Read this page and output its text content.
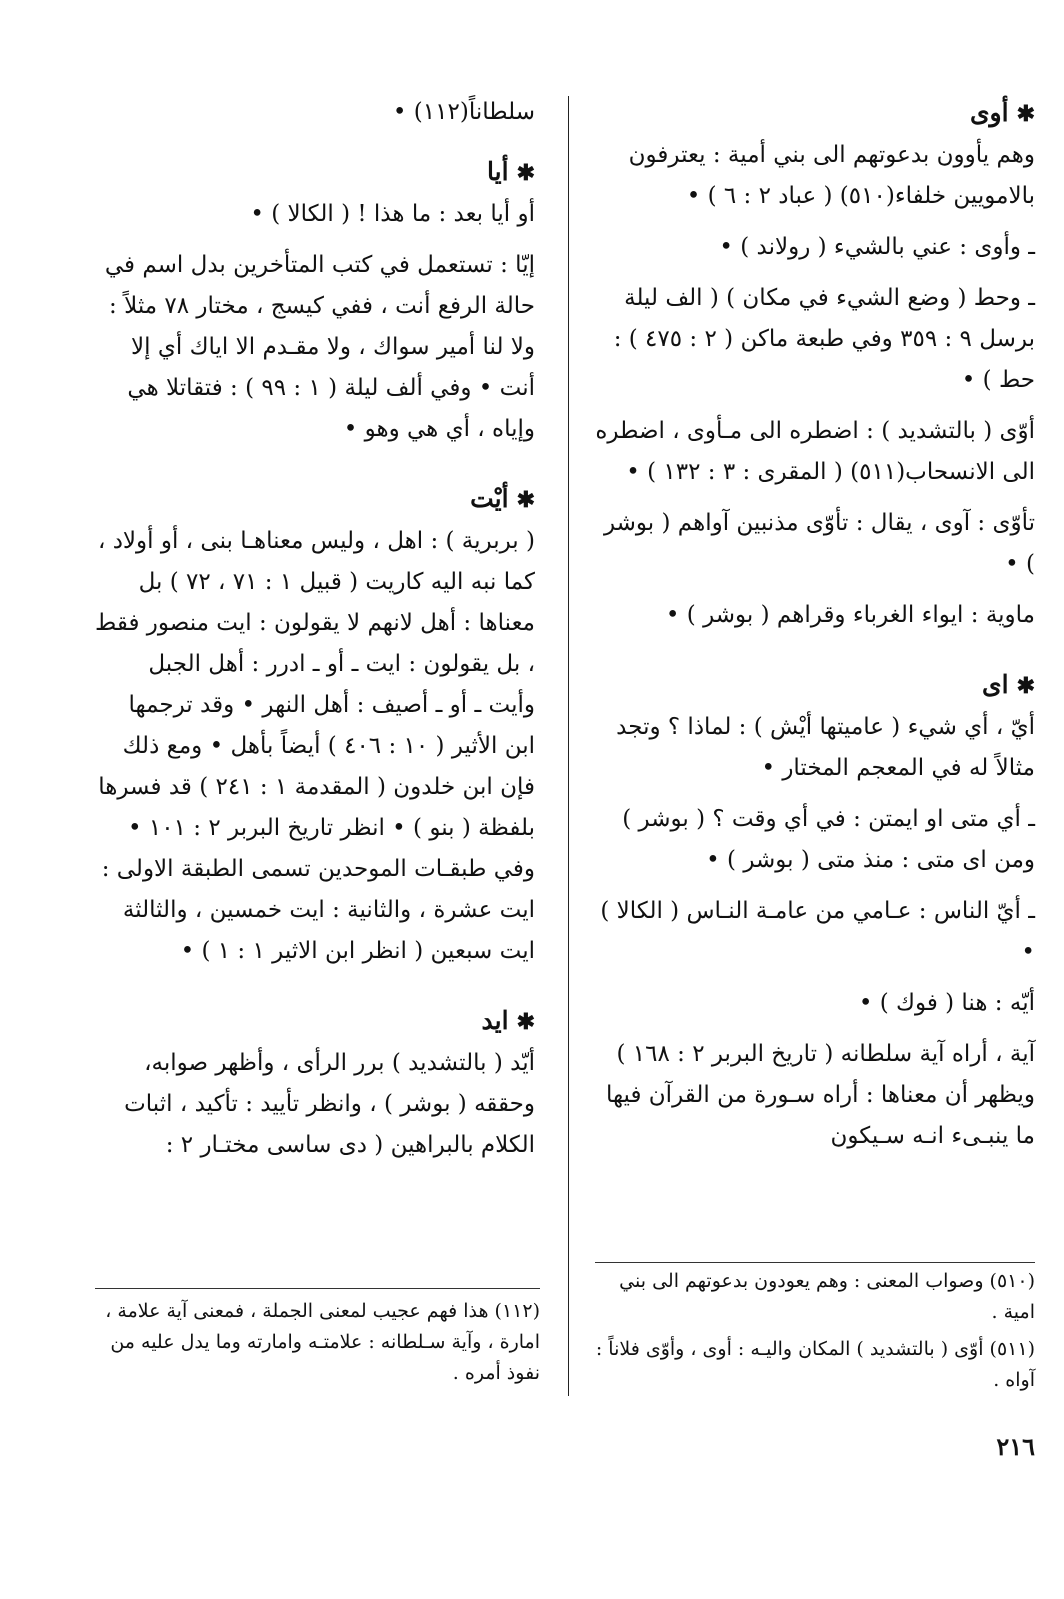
✱أوى

وهم يأوون بدعوتهم الى بني أمية : يعترفون بالامويين خلفاء(٥١٠) ( عباد ٢ : ٦ ) •

ـ وأوى : عني بالشيء ( رولاند ) •

ـ وحط ( وضع الشيء في مكان ) ( الف ليلة برسل ٩ : ٣٥٩ وفي طبعة ماكن ( ٢ : ٤٧٥ ) : حط ) •

أوّى ( بالتشديد ) : اضطره الى مـأوى ، اضطره الى الانسحاب(٥١١) ( المقرى : ٣ : ١٣٢ ) •

تأوّى : آوى ، يقال : تأوّى مذنبين آواهم ( بوشر ) •

ماوية : ايواء الغرباء وقراهم ( بوشر ) •

✱اى

أيّ ، أي شيء ( عاميتها أيْش ) : لماذا ؟ وتجد مثالاً له في المعجم المختار •

ـ أي متى او ايمتن : في أي وقت ؟ ( بوشر ) ومن اى متى : منذ متى ( بوشر ) •

ـ أيّ الناس : عـامي من عامـة النـاس ( الكالا ) •

أيّه : هنا ( فوك ) •

آية ، أراه آية سلطانه ( تاريخ البربر ٢ : ١٦٨ ) ويظهر أن معناها : أراه سـورة من القرآن فيها ما ينبـىء انـه سـيكون

(٥١٠) وصواب المعنى : وهم يعودون بدعوتهم الى بني امية .

(٥١١) أوّى ( بالتشديد ) المكان واليـه : أوى ، وأوّى فلاناً : آواه .

سلطاناً(١١٢) •

✱أيا

أو أيا بعد : ما هذا ! ( الكالا ) •

إيّا : تستعمل في كتب المتأخرين بدل اسم في حالة الرفع أنت ، ففي كيسج ، مختار ٧٨ مثلاً : ولا لنا أمير سواك ، ولا مقـدم الا اياك أي إلا أنت • وفي ألف ليلة ( ١ : ٩٩ ) : فتقاتلا هي وإياه ، أي هي وهو •

✱أيْت

( بربرية ) : اهل ، وليس معناهـا بنى ، أو أولاد ، كما نبه اليه كاريت ( قبيل ١ : ٧١ ، ٧٢ ) بل معناها : أهل لانهم لا يقولون : ايت منصور فقط ، بل يقولون : ايت ـ أو ـ ادرر : أهل الجبل وأيت ـ أو ـ أصيف : أهل النهر • وقد ترجمها ابن الأثير ( ١٠ : ٤٠٦ ) أيضاً بأهل • ومع ذلك فإن ابن خلدون ( المقدمة ١ : ٢٤١ ) قد فسرها بلفظة ( بنو ) • انظر تاريخ البربر ٢ : ١٠١ • وفي طبقـات الموحدين تسمى الطبقة الاولى : ايت عشرة ، والثانية : ايت خمسين ، والثالثة ايت سبعين ( انظر ابن الاثير ١ : ١ ) •

✱ايد

أيّد ( بالتشديد ) برر الرأى ، وأظهر صوابه، وحققه ( بوشر ) ، وانظر تأييد : تأكيد ، اثبات الكلام بالبراهين ( دى ساسى مختـار ٢ :

(١١٢) هذا فهم عجيب لمعنى الجملة ، فمعنى آية علامة ، امارة ، وآية سـلطانه : علامتـه وامارته وما يدل عليه من نفوذ أمره .

٢١٦
